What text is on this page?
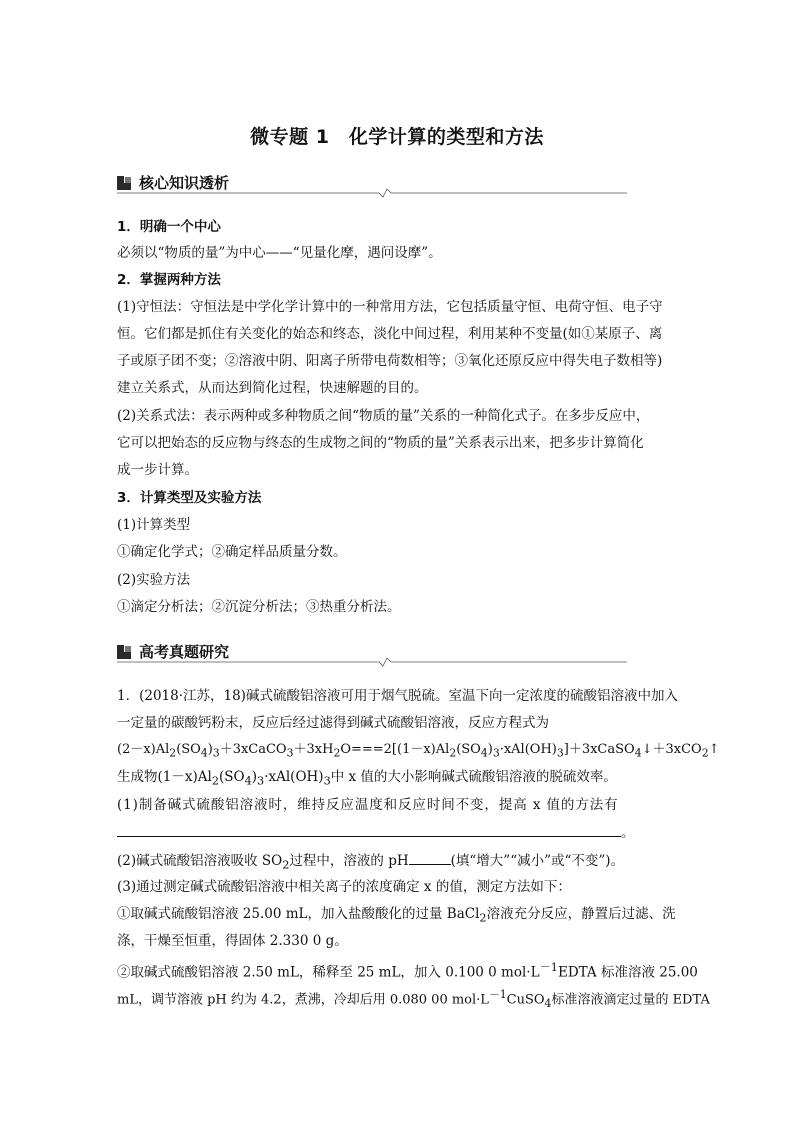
微专题 1　化学计算的类型和方法
核心知识透析
1．明确一个中心
必须以“物质的量”为中心——“见量化摩，遇问设摩”。
2．掌握两种方法
(1)守恒法：守恒法是中学化学计算中的一种常用方法，它包括质量守恒、电荷守恒、电子守
恒。它们都是抓住有关变化的始态和终态，淡化中间过程，利用某种不变量(如①某原子、离
子或原子团不变；②溶液中阴、阳离子所带电荷数相等；③氧化还原反应中得失电子数相等)
建立关系式，从而达到简化过程，快速解题的目的。
(2)关系式法：表示两种或多种物质之间“物质的量”关系的一种简化式子。在多步反应中，
它可以把始态的反应物与终态的生成物之间的“物质的量”关系表示出来，把多步计算简化
成一步计算。
3．计算类型及实验方法
(1)计算类型
①确定化学式；②确定样品质量分数。
(2)实验方法
①滴定分析法；②沉淀分析法；③热重分析法。
高考真题研究
1．(2018·江苏，18)碱式硫酸铝溶液可用于烟气脱硫。室温下向一定浓度的硫酸铝溶液中加入
一定量的碳酸钙粉末，反应后经过滤得到碱式硫酸铝溶液，反应方程式为
$(2-x)Al_2(SO_4)_3+3xCaCO_3+3xH_2O===2[(1-x)Al_2(SO_4)_3\cdot xAl(OH)_3]+3xCaSO_4↓+3xCO_2↑$
生成物$(1-x)Al_2(SO_4)_3\cdot xAl(OH)_3$中 x 值的大小影响碱式硫酸铝溶液的脱硫效率。
(1)制备碱式硫酸铝溶液时，维持反应温度和反应时间不变，提高 x 值的方法有
。
(2)碱式硫酸铝溶液吸收 $SO_2$过程中，溶液的 pH	(填“增大”“减小”或“不变”)。
(3)通过测定碱式硫酸铝溶液中相关离子的浓度确定 x 的值，测定方法如下：
①取碱式硫酸铝溶液 25.00 mL，加入盐酸酸化的过量 BaCl$_2$溶液充分反应，静置后过滤、洗
涤，干燥至恒重，得固体 2.330 0 g。
②取碱式硫酸铝溶液 2.50 mL，稀释至 25 mL，加入 0.100 0 $mol\cdot L^{-1}EDTA$ 标准溶液 25.00
mL，调节溶液 pH 约为 4.2，煮沸，冷却后用 0.080 00 $mol\cdot L^{-1}CuSO_4$标准溶液滴定过量的 EDTA
